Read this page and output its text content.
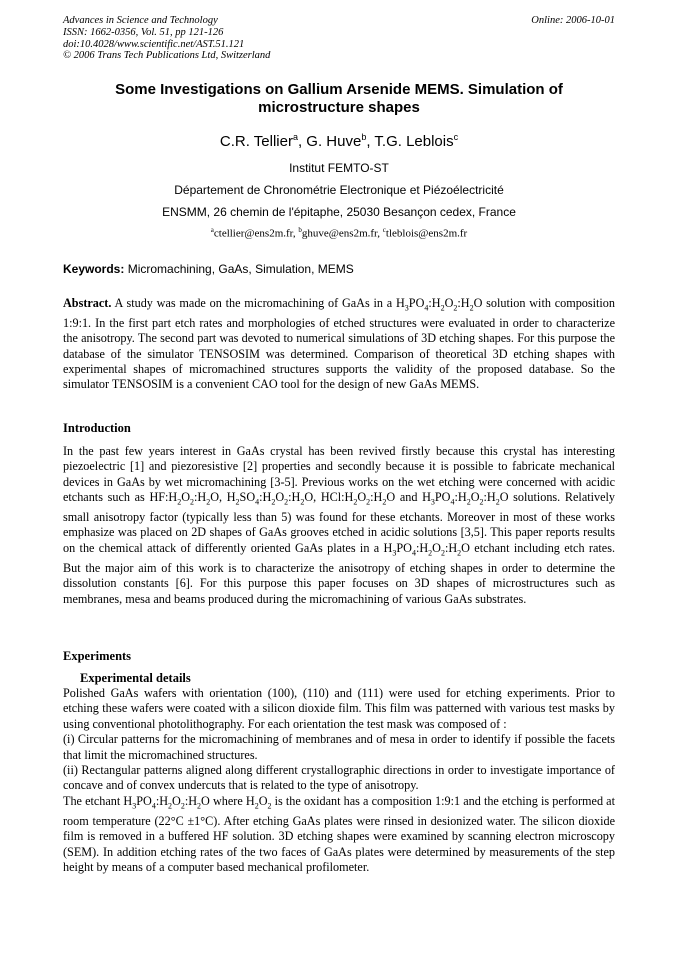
Advances in Science and Technology
ISSN: 1662-0356, Vol. 51, pp 121-126
doi:10.4028/www.scientific.net/AST.51.121
© 2006 Trans Tech Publications Ltd, Switzerland
Online: 2006-10-01
Some Investigations on Gallium Arsenide MEMS. Simulation of
microstructure shapes
C.R. Tellier$^a$, G. Huve$^b$, T.G. Leblois$^c$
Institut FEMTO-ST
Département de Chronométrie Electronique et Piézoélectricité
ENSMM, 26 chemin de l'épitaphe, 25030 Besançon cedex, France
$^a$ctellier@ens2m.fr, $^b$ghuve@ens2m.fr, $^c$tleblois@ens2m.fr
Keywords: Micromachining, GaAs, Simulation, MEMS
Abstract. A study was made on the micromachining of GaAs in a $H_3PO_4:H_2O_2:H_2O$ solution with composition 1:9:1. In the first part etch rates and morphologies of etched structures were evaluated in order to characterize the anisotropy. The second part was devoted to numerical simulations of 3D etching shapes. For this purpose the database of the simulator TENSOSIM was determined. Comparison of theoretical 3D etching shapes with experimental shapes of micromachined structures supports the validity of the proposed database. So the simulator TENSOSIM is a convenient CAO tool for the design of new GaAs MEMS.
Introduction
In the past few years interest in GaAs crystal has been revived firstly because this crystal has interesting piezoelectric [1] and piezoresistive [2] properties and secondly because it is possible to fabricate mechanical devices in GaAs by wet micromachining [3-5]. Previous works on the wet etching were concerned with acidic etchants such as $HF:H_2O_2:H_2O$, $H_2SO_4:H_2O_2:H_2O$, $HCl:H_2O_2:H_2O$ and $H_3PO_4:H_2O_2:H_2O$ solutions. Relatively small anisotropy factor (typically less than 5) was found for these etchants. Moreover in most of these works emphasize was placed on 2D shapes of GaAs grooves etched in acidic solutions [3,5]. This paper reports results on the chemical attack of differently oriented GaAs plates in a $H_3PO_4:H_2O_2:H_2O$ etchant including etch rates. But the major aim of this work is to characterize the anisotropy of etching shapes in order to determine the dissolution constants [6]. For this purpose this paper focuses on 3D shapes of microstructures such as membranes, mesa and beams produced during the micromachining of various GaAs substrates.
Experiments
Experimental details
Polished GaAs wafers with orientation (100), (110) and (111) were used for etching experiments. Prior to etching these wafers were coated with a silicon dioxide film. This film was patterned with various test masks by using conventional photolithography. For each orientation the test mask was composed of :
(i) Circular patterns for the micromachining of membranes and of mesa in order to identify if possible the facets that limit the micromachined structures.
(ii) Rectangular patterns aligned along different crystallographic directions in order to investigate importance of concave and of convex undercuts that is related to the type of anisotropy.
The etchant $H_3PO_4:H_2O_2:H_2O$ where $H_2O_2$ is the oxidant has a composition 1:9:1 and the etching is performed at room temperature (22°C ±1°C). After etching GaAs plates were rinsed in desionized water. The silicon dioxide film is removed in a buffered HF solution. 3D etching shapes were examined by scanning electron microscopy (SEM). In addition etching rates of the two faces of GaAs plates were determined by measurements of the step height by means of a computer based mechanical profilometer.
